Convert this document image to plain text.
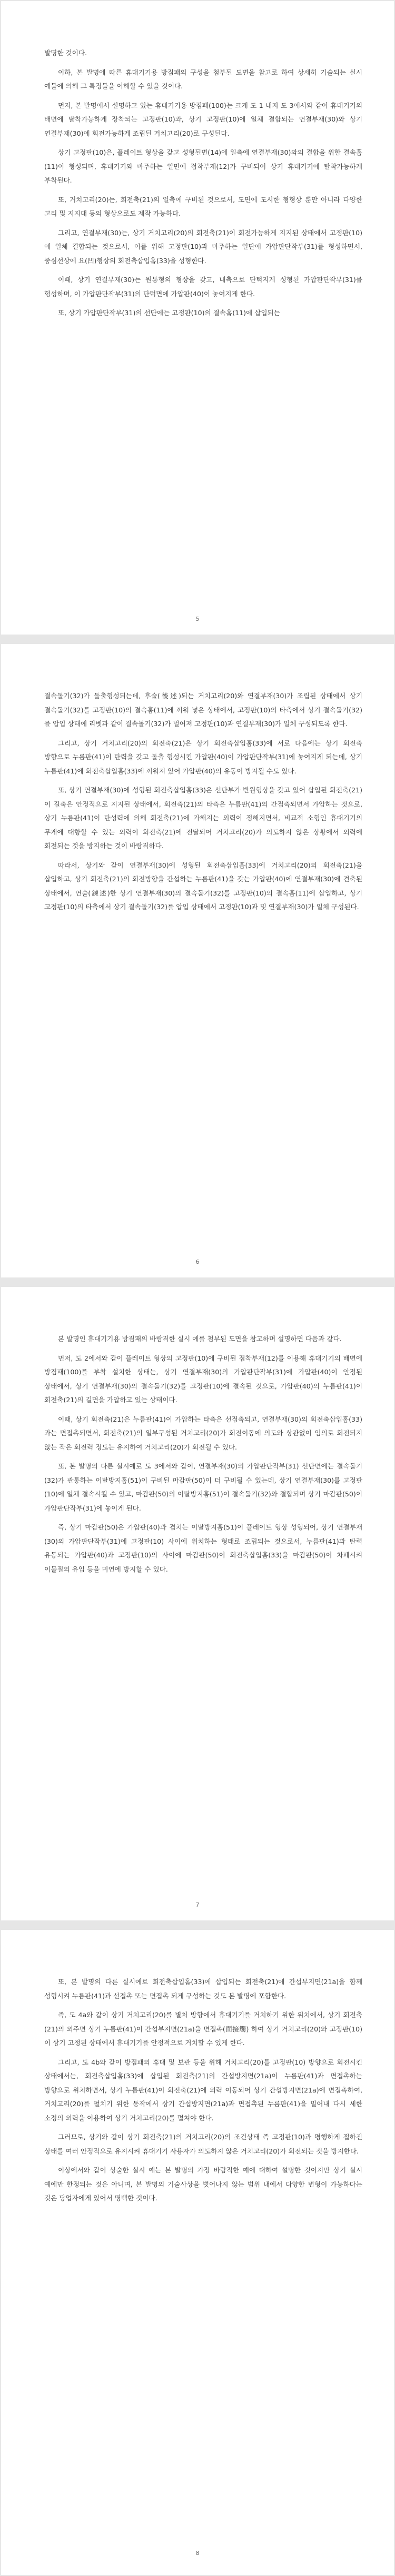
발명한 것이다.

이하, 본 발명에 따른 휴대기기용 방짐패의 구성을 첨부된 도면을 참고로 하여 상세히 기술되는 실시 예들에 의해 그 특징들을 이해할 수 있을 것이다.

먼저, 본 발명에서 설명하고 있는 휴대기기용 방짐패(100)는 크게 도 1 내지 도 3에서와 같이 휴대기기의 배면에 탈착가능하게 장착되는 고정판(10)과, 상기 고정판(10)에 일체 결합되는 연결부재(30)와 상기 연결부재(30)에 회전가능하게 조립된 거치고리(20)로 구성된다.

상기 고정판(10)은, 플레이트 형상을 갖고 성형된면(14)에 일측에 연결부재(30)와의 결합을 위한 결속홈(11)이 형성되며, 휴대기기와 마주하는 일면에 접착부재(12)가 구비되어 상기 휴대기기에 탈착가능하게 부착된다.

또, 거치고리(20)는, 회전축(21)의 일측에 구비된 것으로서, 도면에 도시한 형형상 뿐만 아니라 다양한 고리 및 지지대 등의 형상으로도 제작 가능하다.

그리고, 연결부재(30)는, 상기 거치고리(20)의 회전축(21)이 회전가능하게 지지된 상태에서 고정판(10)에 일체 결합되는 것으로서, 이를 위해 고정판(10)과 마주하는 일단에 가압판단작부(31)를 형성하면서, 중심선상에 요(凹)형상의 회전축삽입홈(33)을 성형한다.

이때, 상기 연결부재(30)는 원통형의 형상을 갖고, 내측으로 단턱지게 성형된 가압판단작부(31)를 형성하며, 이 가압판단작부(31)의 단턱면에 가압판(40)이 놓여지게 한다.

또, 상기 가압판단작부(31)의 선단에는 고정판(10)의 결속홈(11)에 삽입되는

5

결속돌기(32)가 돌출형성되는데, 후술(後述)되는 거치고리(20)와 연결부재(30)가 조립된 상태에서 상기 결속돌기(32)를 고정판(10)의 결속홈(11)에 끼워 넣은 상태에서, 고정판(10)의 타측에서 상기 결속돌기(32)를 압입 상태에 리벳과 같이 결속돌기(32)가 벌어져 고정판(10)과 연결부재(30)가 일체 구성되도록 한다.

그리고, 상기 거치고리(20)의 회전축(21)은 상기 회전축삽입홈(33)에 서로 다음에는 상기 회전축 방향으로 누름판(41)이 탄력을 갖고 돌출 형성시킨 가압판(40)이 가압판단작부(31)에 놓여지게 되는데, 상기 누름판(41)에 회전축삽입홈(33)에 끼워져 있어 가압판(40)의 유동이 방지될 수도 있다.

또, 상기 연결부재(30)에 성형된 회전축삽입홈(33)은 선단부가 반원형상을 갖고 있어 삽입된 회전축(21)이 길축은 안정적으로 지지된 상태에서, 회전축(21)의 타측은 누름판(41)의 간접축되면서 가압하는 것으로, 상기 누름판(41)이 탄성력에 의해 회전축(21)에 가해지는 외력이 정해지면서, 비교적 소형인 휴대기기의 무게에 대항할 수 있는 외력이 회전축(21)에 전달되어 거치고리(20)가 의도하지 않은 상황에서 외력에 회전되는 것을 방지하는 것이 바람직하다.

따라서, 상기와 같이 연결부재(30)에 성형된 회전축삽입홈(33)에 거치고리(20)의 회전축(21)을 삽입하고, 상기 회전축(21)의 회전방향을 간섭하는 누름판(41)을 갖는 가압판(40)에 연결부재(30)에 견축된 상태에서, 연술(鍊述)한 상기 연결부재(30)의 결속돌기(32)를 고정판(10)의 결속홈(11)에 삽입하고, 상기 고정판(10)의 타측에서 상기 결속돌기(32)를 압입 상태에서 고정판(10)과 및 연결부재(30)가 일체 구성된다.

6

본 발명인 휴대기기용 방짐패의 바람직한 실시 예를 첨부된 도면을 참고하며 설명하면 다음과 같다.

먼저, 도 2에서와 같이 플레이트 형상의 고정판(10)에 구비된 접착부재(12)를 이용해 휴대기기의 배면에 방짐패(100)를 부착 설치한 상태는, 상기 연결부재(30)의 가압판단작부(31)에 가압판(40)이 안정된 상태에서, 상기 연결부재(30)의 결속돌기(32)를 고정판(10)에 결속된 것으로, 가압판(40)의 누름판(41)이 회전축(21)의 길면을 가압하고 있는 상태이다.

이때, 상기 회전축(21)은 누름판(41)이 가압하는 타측은 선접촉되고, 연결부재(30)의 회전축삽입홈(33)과는 면접촉되면서, 회전축(21)의 일부구성된 거치고리(20)가 회전이동에 의도와 상관없이 임의로 회전되지 않는 작은 회전력 정도는 유지하여 거치고리(20)가 회전될 수 있다.

또, 본 발명의 다른 실시예로 도 3에서와 같이, 연결부재(30)의 가압판단작부(31) 선단면에는 결속돌기(32)가 관통하는 이탈방지홈(51)이 구비된 마감판(50)이 더 구비될 수 있는데, 상기 연결부재(30)를 고정판(10)에 일체 결속시킬 수 있고, 마감판(50)의 이탈방지홈(51)이 결속돌기(32)와 결합되며 상기 마감판(50)이 가압판단작부(31)에 놓이게 된다.

즉, 상기 마감판(50)은 가압판(40)과 겹치는 이탈방지홈(51)이 플레이트 형상 성형되어, 상기 연결부재(30)의 가압판단작부(31)에 고정판(10) 사이에 위치하는 형태로 조립되는 것으로서, 누름판(41)과 탄력 유동되는 가압판(40)과 고정판(10)의 사이에 마감판(50)이 회전축삽입홈(33)을 마감판(50)이 차폐시켜 이물질의 유입 등을 미연에 방지할 수 있다.

7

또, 본 발명의 다른 실시예로 회전축삽입홈(33)에 삽입되는 회전축(21)에 간섭부지면(21a)을 함께 성형시켜 누름판(41)과 선접촉 또는 면접촉 되게 구성하는 것도 본 발명에 포함한다.

즉, 도 4a와 같이 상기 거치고리(20)를 별처 방향에서 휴대기기를 거치하기 위한 위치에서, 상기 회전축(21)의 외주면 상기 누름판(41)이 간섭부지면(21a)을 면접촉(面接觸) 하여 상기 거치고리(20)와 고정판(10)이 상기 고정된 상태에서 휴대기기를 안정적으로 거치할 수 있게 한다.

그리고, 도 4b와 같이 방짐패의 휴대 및 보관 등을 위해 거치고리(20)를 고정판(10) 방향으로 회전시킨 상태에서는, 회전축삽입홈(33)에 삽입된 회전축(21)의 간섭방지면(21a)이 누름판(41)과 면접촉하는 방향으로 위치하면서, 상기 누름판(41)이 회전축(21)에 외력 이동되어 상기 간섭방지면(21a)에 면접촉하여, 거치고리(20)를 펼치기 위한 동작에서 상기 간섭방지면(21a)과 면접촉된 누름판(41)을 밀어내 다시 세한 소정의 외력을 이용하여 상기 거치고리(20)를 펼쳐야 한다.

그러므로, 상기와 같이 상기 회전축(21)의 거치고리(20)의 조건상태 즉 고정판(10)과 평행하게 접하진 상태를 여러 안정적으로 유지시켜 휴대기기 사용자가 의도하지 않은 거치고리(20)가 회전되는 것을 방지한다.

이상에서와 같이 상술한 실시 예는 본 발명의 가장 바람직한 예에 대하여 설명한 것이지만 상기 실시 예에만 한정되는 것은 아니며, 본 발명의 기술사상을 벗어나지 않는 범위 내에서 다양한 변형이 가능하다는 것은 당업자에게 있어서 명백한 것이다.

8
